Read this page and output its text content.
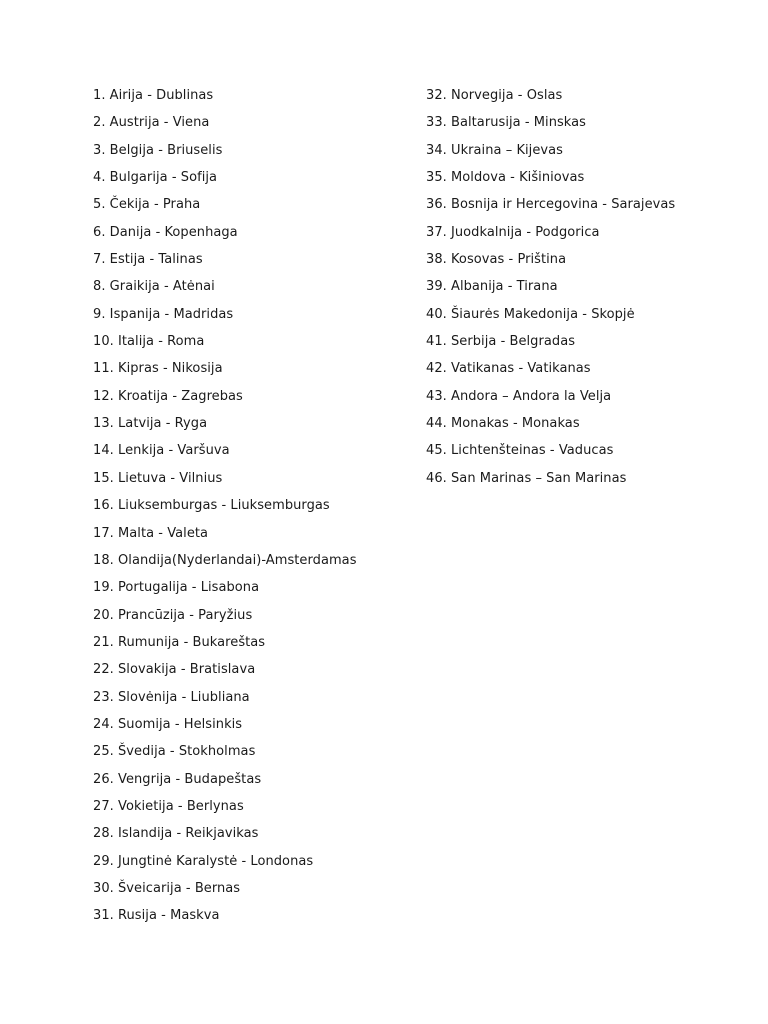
1. Airija - Dublinas
2. Austrija - Viena
3. Belgija - Briuselis
4. Bulgarija - Sofija
5. Čekija - Praha
6. Danija - Kopenhaga
7. Estija - Talinas
8. Graikija - Atėnai
9. Ispanija - Madridas
10. Italija - Roma
11. Kipras - Nikosija
12. Kroatija - Zagrebas
13. Latvija - Ryga
14. Lenkija - Varšuva
15. Lietuva - Vilnius
16. Liuksemburgas - Liuksemburgas
17. Malta - Valeta
18. Olandija(Nyderlandai)-Amsterdamas
19. Portugalija - Lisabona
20. Prancūzija - Paryžius
21. Rumunija - Bukareštas
22. Slovakija - Bratislava
23. Slovėnija - Liubliana
24. Suomija - Helsinkis
25. Švedija - Stokholmas
26. Vengrija - Budapeštas
27. Vokietija - Berlynas
28. Islandija - Reikjavikas
29. Jungtinė Karalystė - Londonas
30. Šveicarija - Bernas
31. Rusija - Maskva
32. Norvegija - Oslas
33. Baltarusija - Minskas
34. Ukraina – Kijevas
35. Moldova - Kišiniovas
36. Bosnija ir Hercegovina - Sarajevas
37. Juodkalnija - Podgorica
38. Kosovas - Priština
39. Albanija - Tirana
40. Šiaurės Makedonija - Skopjė
41. Serbija - Belgradas
42. Vatikanas - Vatikanas
43. Andora – Andora la Velja
44. Monakas - Monakas
45. Lichtenšteinas - Vaducas
46. San Marinas – San Marinas
